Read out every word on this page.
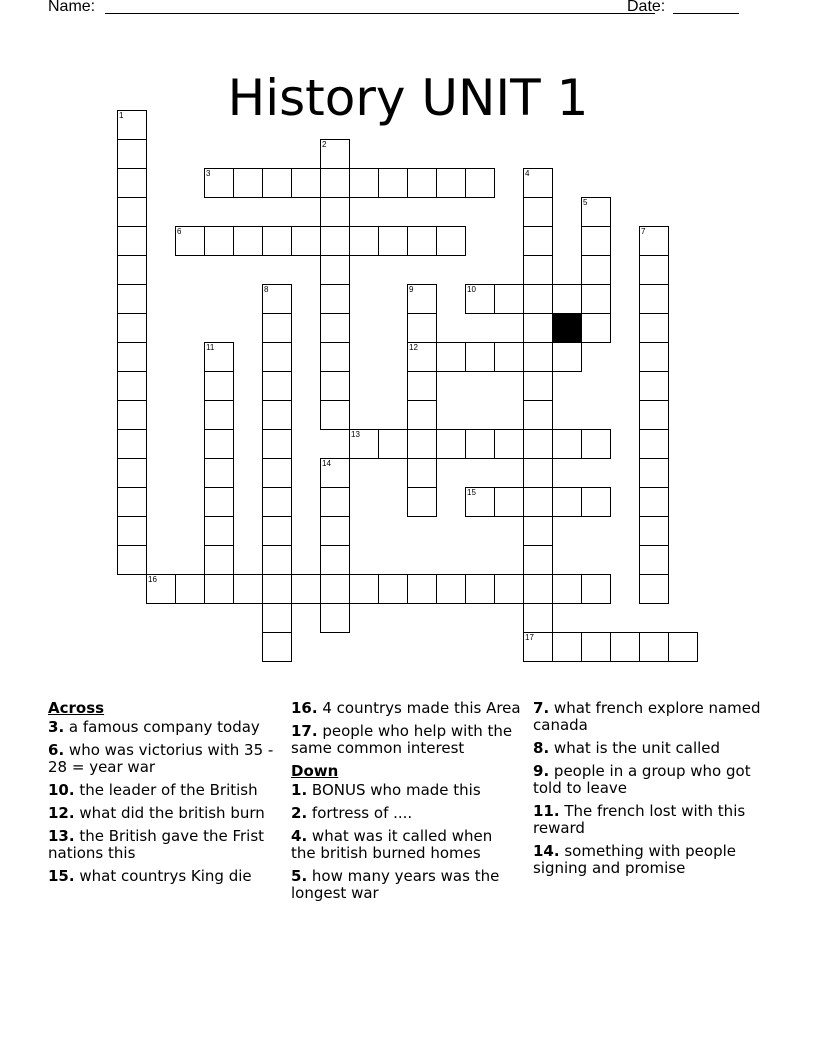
Name:	Date:
History UNIT 1
1
2
3	4
5
6	7
8	9	10
11	12
13
14
15
16
17
Across
3. a famous company today
6. who was victorius with 35 - 28 = year war
10. the leader of the British
12. what did the british burn
13. the British gave the Frist nations this
15. what countrys King die
16. 4 countrys made this Area
17. people who help with the same common interest
Down
1. BONUS who made this
2. fortress of ....
4. what was it called when the british burned homes
5. how many years was the longest war
7. what french explore named canada
8. what is the unit called
9. people in a group who got told to leave
11. The french lost with this reward
14. something with people signing and promise
